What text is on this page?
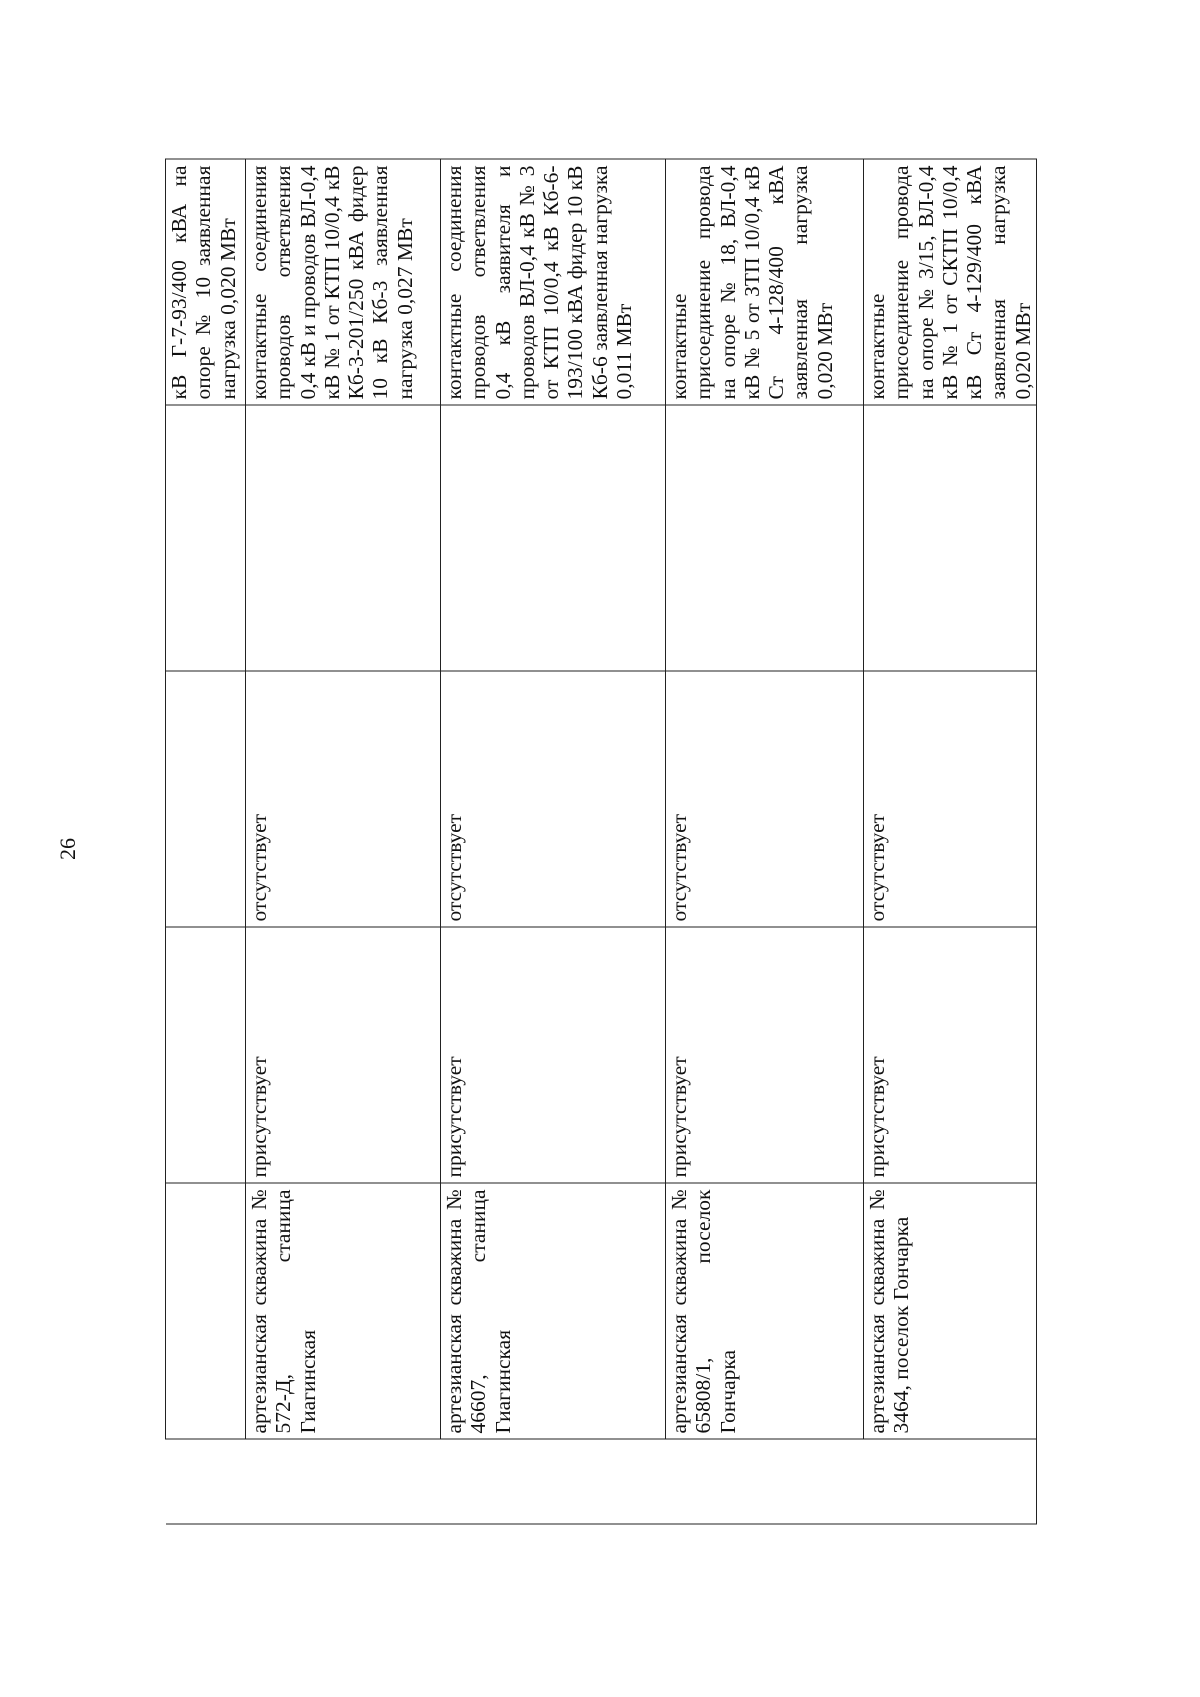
26
					кВ Г-7-93/400 кВА на опоре № 10 заявленная нагрузка 0,020 МВт
	артезианская скважина № 572-Д, станица Гиагинская	присутствует	отсутствует		контактные соединения проводов ответвления 0,4 кВ и проводов ВЛ-0,4 кВ № 1 от КТП 10/0,4 кВ Кб-3-201/250 кВА фидер 10 кВ Кб-3 заявленная нагрузка 0,027 МВт
	артезианская скважина № 46607, станица Гиагинская	присутствует	отсутствует		контактные соединения проводов ответвления 0,4 кВ заявителя и проводов ВЛ-0,4 кВ № 3 от КТП 10/0,4 кВ Кб-6-193/100 кВА фидер 10 кВ Кб-6 заявленная нагрузка 0,011 МВт
	артезианская скважина № 65808/1, поселок Гончарка	присутствует	отсутствует		контактные присоединение провода на опоре № 18, ВЛ-0,4 кВ № 5 от ЗТП 10/0,4 кВ Ст 4-128/400 кВА заявленная нагрузка 0,020 МВт
	артезианская скважина № 3464, поселок Гончарка	присутствует	отсутствует		контактные присоединение провода на опоре № 3/15, ВЛ-0,4 кВ № 1 от СКТП 10/0,4 кВ Ст 4-129/400 кВА заявленная нагрузка 0,020 МВт
